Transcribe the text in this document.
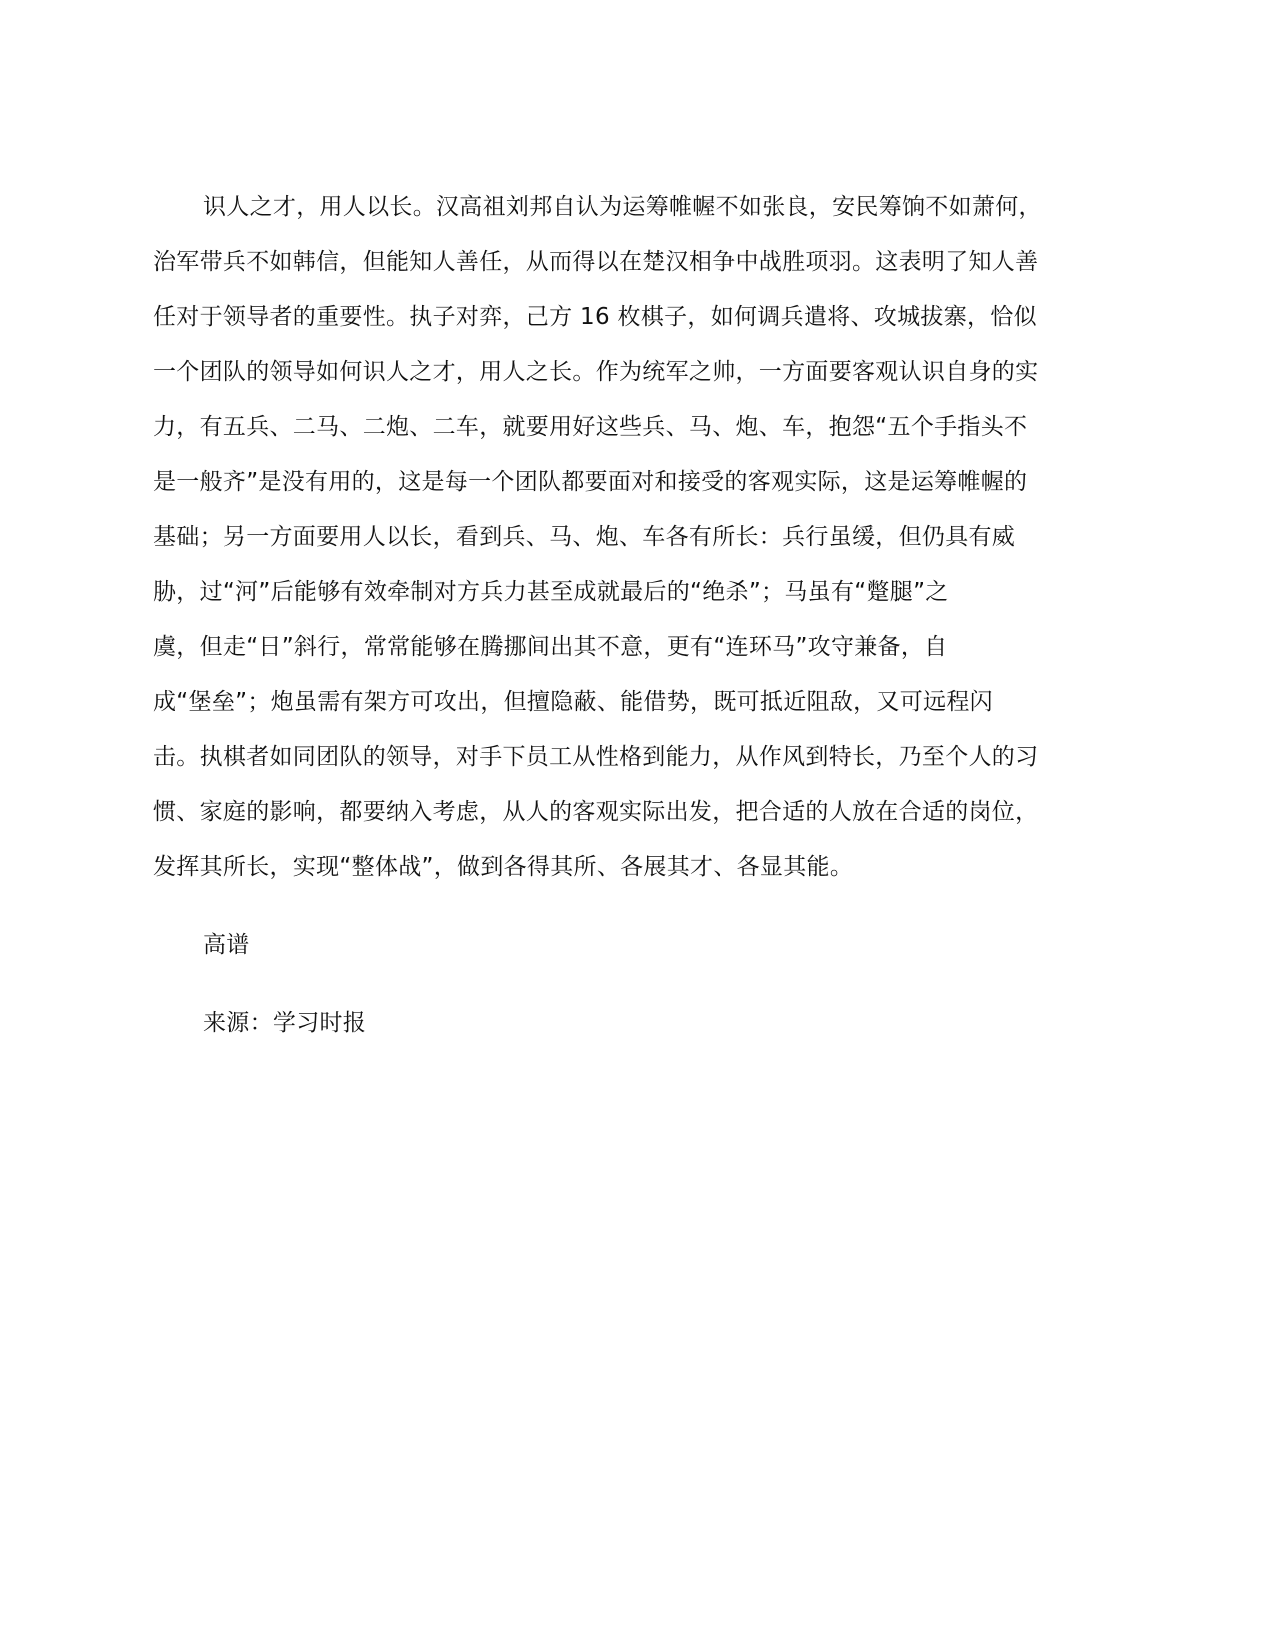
识人之才，用人以长。汉高祖刘邦自认为运筹帷幄不如张良，安民筹饷不如萧何，
治军带兵不如韩信，但能知人善任，从而得以在楚汉相争中战胜项羽。这表明了知人善
任对于领导者的重要性。执子对弈，己方 16 枚棋子，如何调兵遣将、攻城拔寨，恰似
一个团队的领导如何识人之才，用人之长。作为统军之帅，一方面要客观认识自身的实
力，有五兵、二马、二炮、二车，就要用好这些兵、马、炮、车，抱怨“五个手指头不
是一般齐”是没有用的，这是每一个团队都要面对和接受的客观实际，这是运筹帷幄的
基础；另一方面要用人以长，看到兵、马、炮、车各有所长：兵行虽缓，但仍具有威
胁，过“河”后能够有效牵制对方兵力甚至成就最后的“绝杀”；马虽有“蹩腿”之
虞，但走“日”斜行，常常能够在腾挪间出其不意，更有“连环马”攻守兼备，自
成“堡垒”；炮虽需有架方可攻出，但擅隐蔽、能借势，既可抵近阻敌，又可远程闪
击。执棋者如同团队的领导，对手下员工从性格到能力，从作风到特长，乃至个人的习
惯、家庭的影响，都要纳入考虑，从人的客观实际出发，把合适的人放在合适的岗位，
发挥其所长，实现“整体战”，做到各得其所、各展其才、各显其能。
高谱
来源：学习时报
